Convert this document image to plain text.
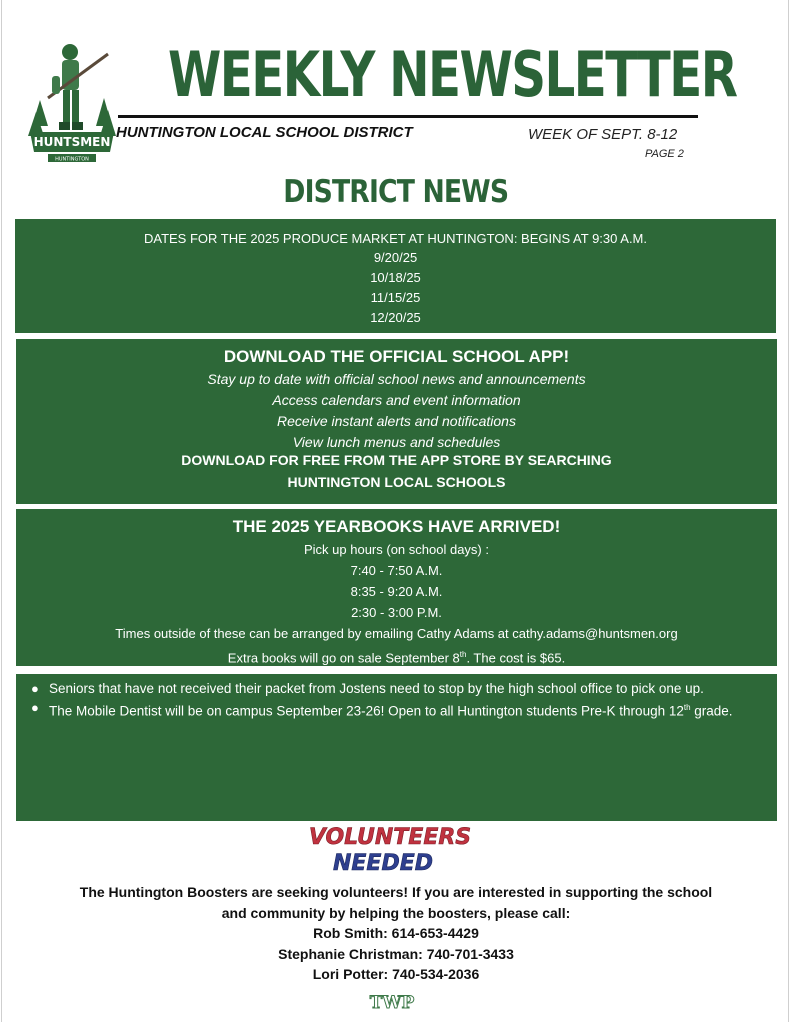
HUNTSMEN
HUNTINGTON
WEEKLY NEWSLETTER
HUNTINGTON LOCAL SCHOOL DISTRICT	WEEK OF SEPT. 8-12
PAGE 2
DISTRICT NEWS
DATES FOR THE 2025 PRODUCE MARKET AT HUNTINGTON: BEGINS AT 9:30 A.M.
9/20/25
10/18/25
11/15/25
12/20/25
DOWNLOAD THE OFFICIAL SCHOOL APP!
Stay up to date with official school news and announcements
Access calendars and event information
Receive instant alerts and notifications
View lunch menus and schedules
DOWNLOAD FOR FREE FROM THE APP STORE BY SEARCHING
HUNTINGTON LOCAL SCHOOLS
THE 2025 YEARBOOKS HAVE ARRIVED!
Pick up hours (on school days) :
7:40 - 7:50 A.M.
8:35 - 9:20 A.M.
2:30 - 3:00 P.M.
Times outside of these can be arranged by emailing Cathy Adams at cathy.adams@huntsmen.org
Extra books will go on sale September 8th. The cost is $65.
● Seniors that have not received their packet from Jostens need to stop by the high school office to pick one up.
● The Mobile Dentist will be on campus September 23-26! Open to all Huntington students Pre-K through 12th grade.
VOLUNTEERS
NEEDED

The Huntington Boosters are seeking volunteers! If you are interested in supporting the school
and community by helping the boosters, please call:
Rob Smith: 614-653-4429
Stephanie Christman: 740-701-3433
Lori Potter: 740-534-2036

TWP
